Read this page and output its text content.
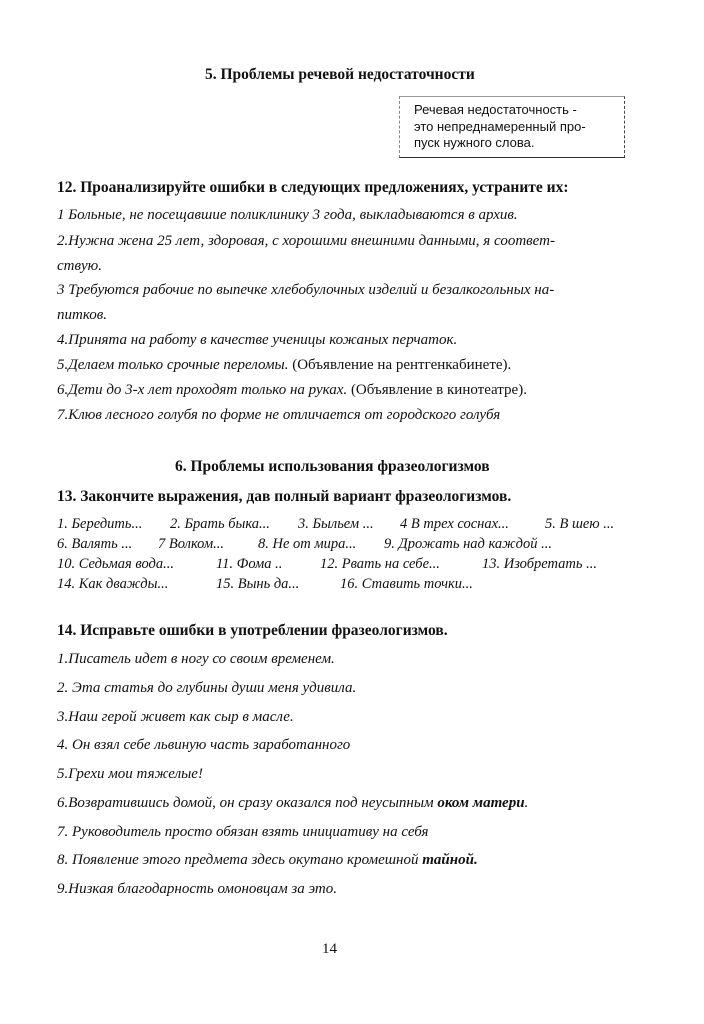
5. Проблемы речевой недостаточности
Речевая недостаточность -
это непреднамеренный про-
пуск нужного слова.
12. Проанализируйте ошибки в следующих предложениях, устраните их:
1 Больные, не посещавшие поликлинику 3 года, выкладываются в архив.
2.Нужна жена 25 лет, здоровая, с хорошими внешними данными, я соответ-
ствую.
3 Требуются рабочие по выпечке хлебобулочных изделий и безалкогольных на-
питков.
4.Принята на работу в качестве ученицы кожаных перчаток.
5.Делаем только срочные переломы. (Объявление на рентгенкабинете).
6.Дети до 3-х лет проходят только на руках. (Объявление в кинотеатре).
7.Клюв лесного голубя по форме не отличается от городского голубя
6. Проблемы использования фразеологизмов
13. Закончите выражения, дав полный вариант фразеологизмов.
1. Бередить... 2. Брать быка... 3. Быльем ... 4 В трех соснах... 5. В шею ...
6. Валять ... 7 Волком... 8. Не от мира... 9. Дрожать над каждой ...
10. Седьмая вода...	11. Фома ..	12. Рвать на себе...	13. Изобретать ...
14. Как дважды...	15. Вынь да...	16. Ставить точки...
14. Исправьте ошибки в употреблении фразеологизмов.
1.Писатель идет в ногу со своим временем.
2. Эта статья до глубины души меня удивила.
3.Наш герой живет как сыр в масле.
4. Он взял себе львиную часть заработанного
5.Грехи мои тяжелые!
6.Возвратившись домой, он сразу оказался под неусыпным оком матери.
7. Руководитель просто обязан взять инициативу на себя
8. Появление этого предмета здесь окутано кромешной тайной.
9.Низкая благодарность омоновцам за это.
14
